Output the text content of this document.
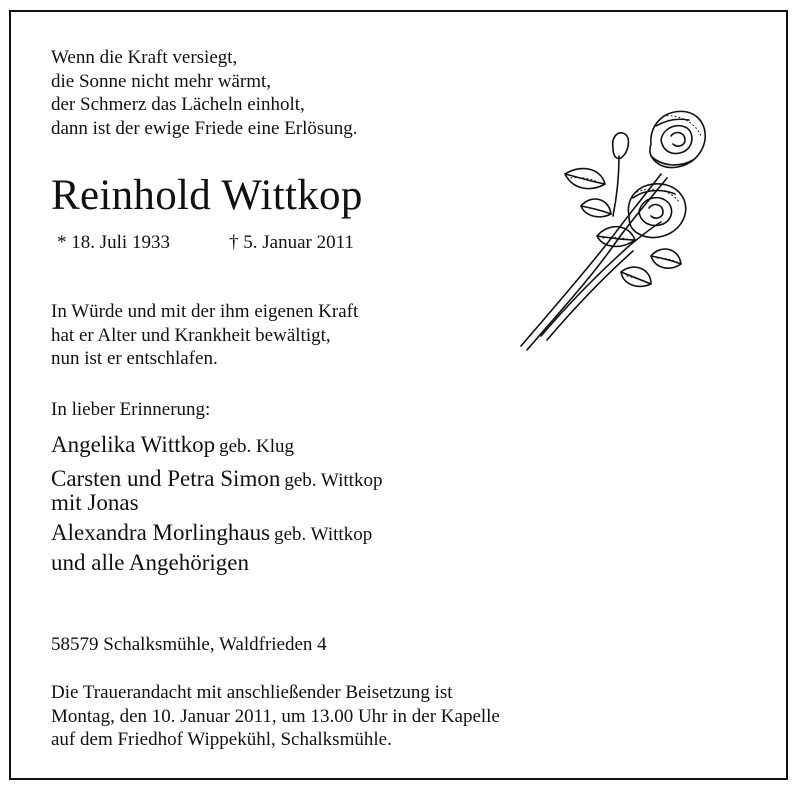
Wenn die Kraft versiegt,
die Sonne nicht mehr wärmt,
der Schmerz das Lächeln einholt,
dann ist der ewige Friede eine Erlösung.
Reinhold Wittkop
* 18. Juli 1933	† 5. Januar 2011
In Würde und mit der ihm eigenen Kraft
hat er Alter und Krankheit bewältigt,
nun ist er entschlafen.
In lieber Erinnerung:
Angelika Wittkop geb. Klug
Carsten und Petra Simon geb. Wittkop
mit Jonas
Alexandra Morlinghaus geb. Wittkop
und alle Angehörigen
58579 Schalksmühle, Waldfrieden 4
Die Trauerandacht mit anschließender Beisetzung ist
Montag, den 10. Januar 2011, um 13.00 Uhr in der Kapelle
auf dem Friedhof Wippekühl, Schalksmühle.
